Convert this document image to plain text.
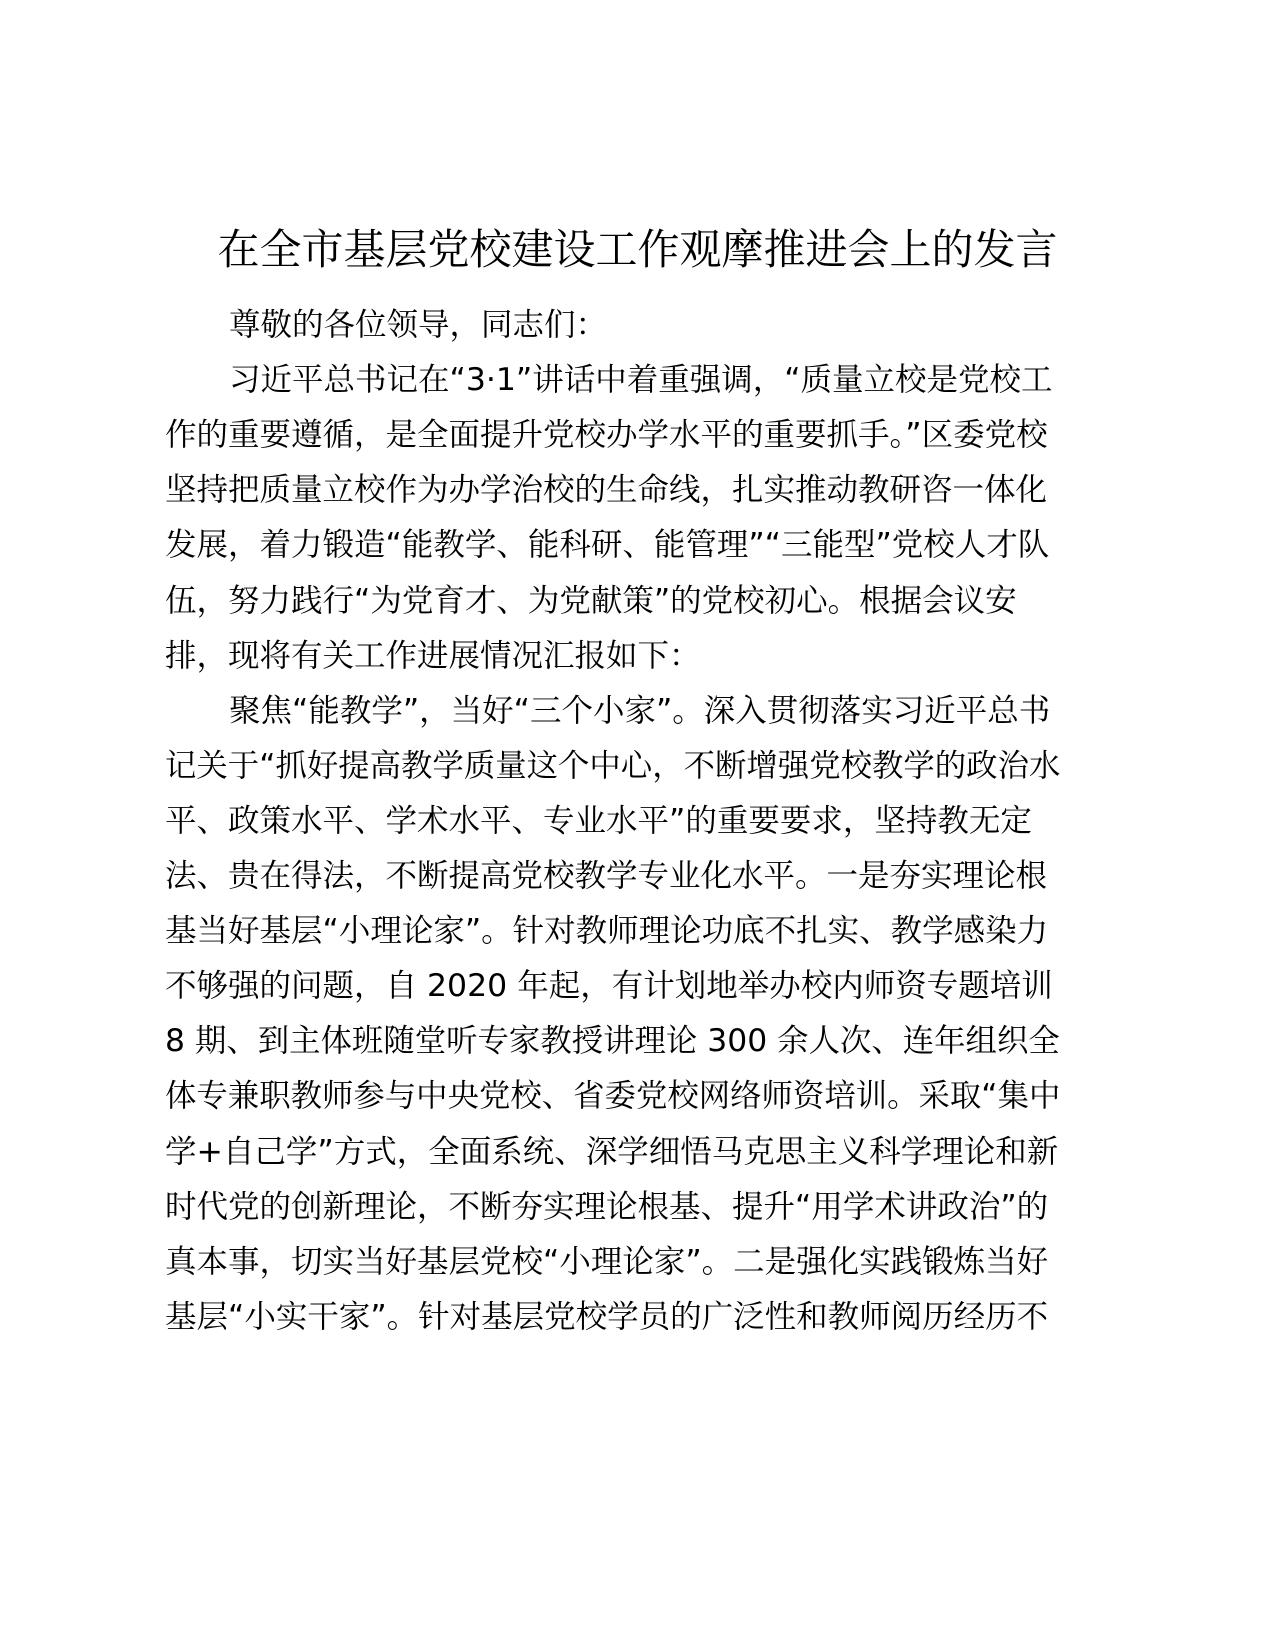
在全市基层党校建设工作观摩推进会上的发言

尊敬的各位领导，同志们：

习近平总书记在“3·1”讲话中着重强调，“质量立校是党校工

作的重要遵循，是全面提升党校办学水平的重要抓手。”区委党校

坚持把质量立校作为办学治校的生命线，扎实推动教研咨一体化

发展，着力锻造“能教学、能科研、能管理”“三能型”党校人才队

伍，努力践行“为党育才、为党献策”的党校初心。根据会议安

排，现将有关工作进展情况汇报如下：

聚焦“能教学”，当好“三个小家”。深入贯彻落实习近平总书

记关于“抓好提高教学质量这个中心，不断增强党校教学的政治水

平、政策水平、学术水平、专业水平”的重要要求，坚持教无定

法、贵在得法，不断提高党校教学专业化水平。一是夯实理论根

基当好基层“小理论家”。针对教师理论功底不扎实、教学感染力

不够强的问题，自 2020 年起，有计划地举办校内师资专题培训

8 期、到主体班随堂听专家教授讲理论 300 余人次、连年组织全

体专兼职教师参与中央党校、省委党校网络师资培训。采取“集中

学+自己学”方式，全面系统、深学细悟马克思主义科学理论和新

时代党的创新理论，不断夯实理论根基、提升“用学术讲政治”的

真本事，切实当好基层党校“小理论家”。二是强化实践锻炼当好

基层“小实干家”。针对基层党校学员的广泛性和教师阅历经历不
